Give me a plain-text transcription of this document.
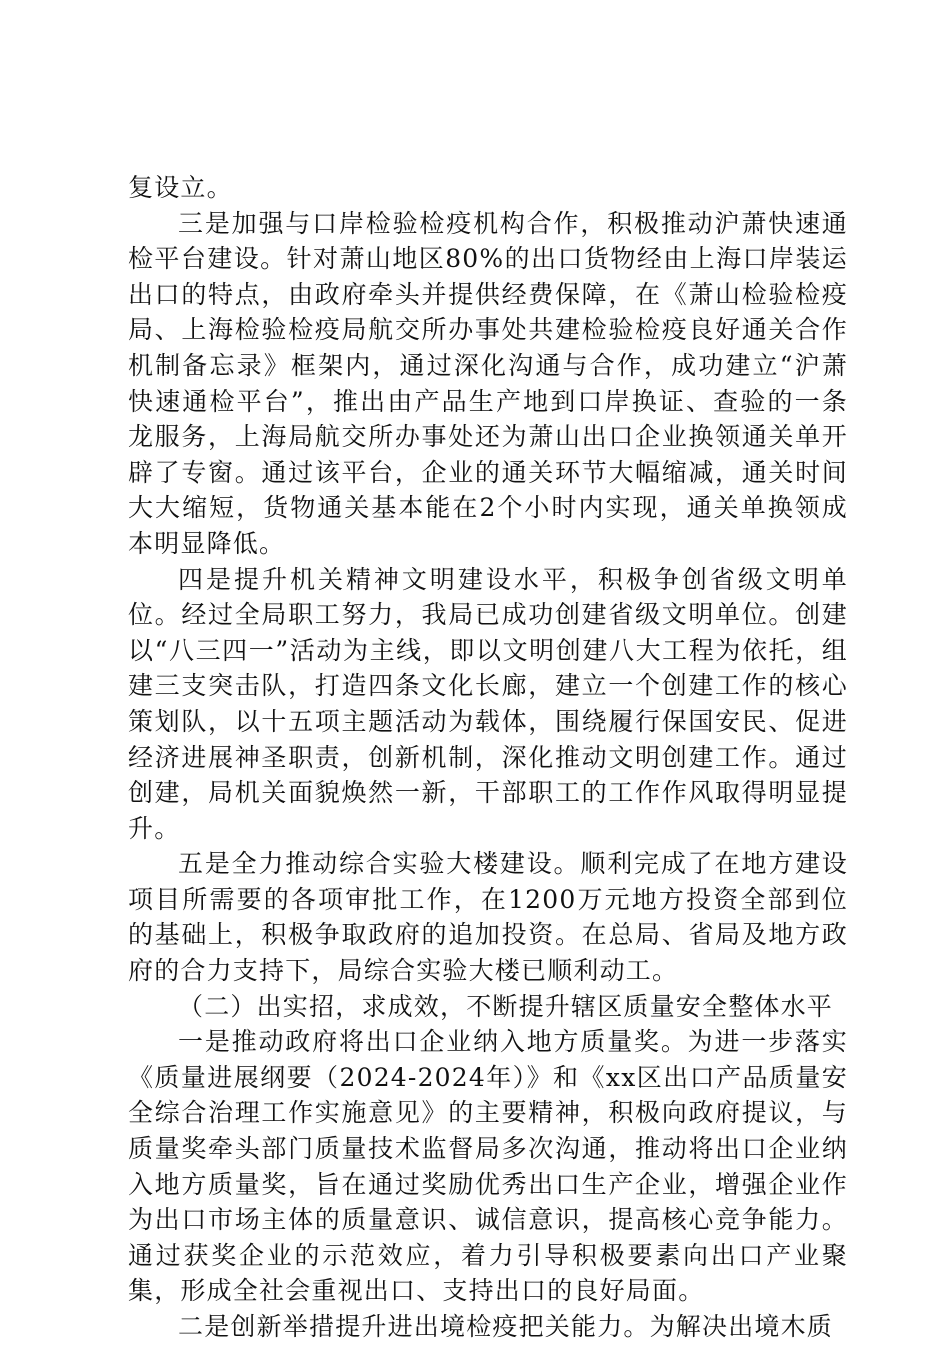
复设立。

三是加强与口岸检验检疫机构合作，积极推动沪萧快速通检平台建设。针对萧山地区80%的出口货物经由上海口岸装运出口的特点，由政府牵头并提供经费保障，在《萧山检验检疫局、上海检验检疫局航交所办事处共建检验检疫良好通关合作机制备忘录》框架内，通过深化沟通与合作，成功建立“沪萧快速通检平台”，推出由产品生产地到口岸换证、查验的一条龙服务，上海局航交所办事处还为萧山出口企业换领通关单开辟了专窗。通过该平台，企业的通关环节大幅缩减，通关时间大大缩短，货物通关基本能在2个小时内实现，通关单换领成本明显降低。

四是提升机关精神文明建设水平，积极争创省级文明单位。经过全局职工努力，我局已成功创建省级文明单位。创建以“八三四一”活动为主线，即以文明创建八大工程为依托，组建三支突击队，打造四条文化长廊，建立一个创建工作的核心策划队，以十五项主题活动为载体，围绕履行保国安民、促进经济进展神圣职责，创新机制，深化推动文明创建工作。通过创建，局机关面貌焕然一新，干部职工的工作作风取得明显提升。

五是全力推动综合实验大楼建设。顺利完成了在地方建设项目所需要的各项审批工作，在1200万元地方投资全部到位的基础上，积极争取政府的追加投资。在总局、省局及地方政府的合力支持下，局综合实验大楼已顺利动工。

（二）出实招，求成效，不断提升辖区质量安全整体水平

一是推动政府将出口企业纳入地方质量奖。为进一步落实《质量进展纲要（2024-2024年）》和《xx区出口产品质量安全综合治理工作实施意见》的主要精神，积极向政府提议，与质量奖牵头部门质量技术监督局多次沟通，推动将出口企业纳入地方质量奖，旨在通过奖励优秀出口生产企业，增强企业作为出口市场主体的质量意识、诚信意识，提高核心竞争能力。通过获奖企业的示范效应，着力引导积极要素向出口产业聚集，形成全社会重视出口、支持出口的良好局面。

二是创新举措提升进出境检疫把关能力。为解决出境木质
